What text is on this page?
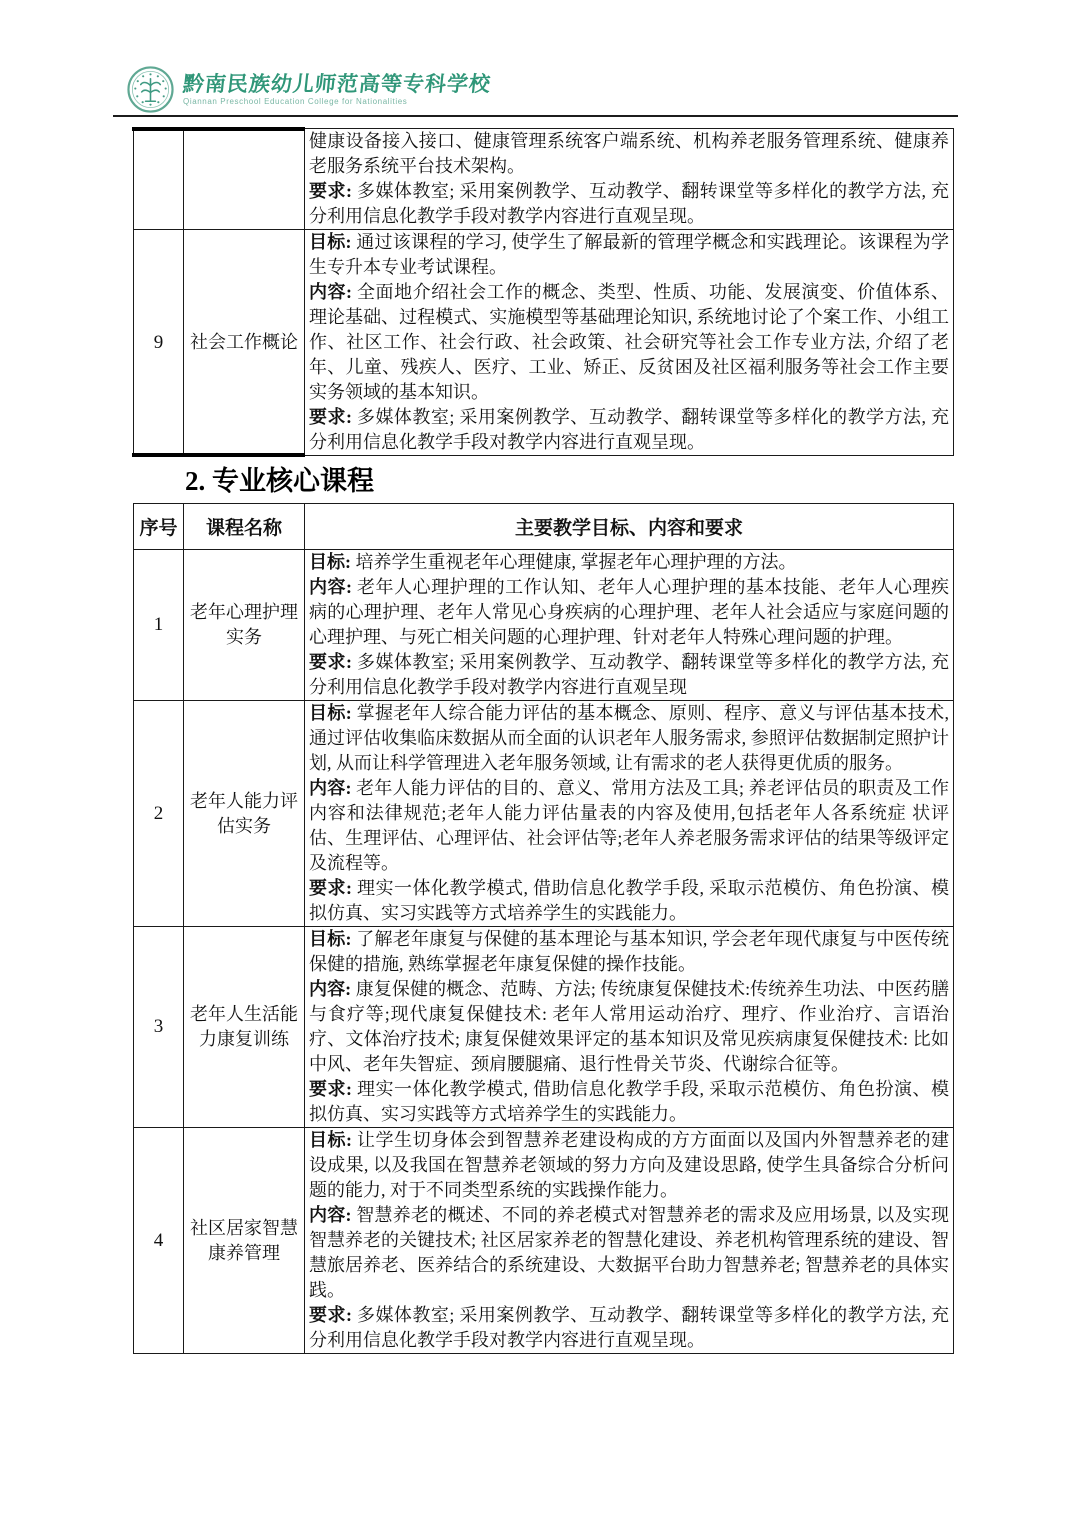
黔南民族幼儿师范高等专科学校
Qiannan Preschool Education College for Nationalities

		健康设备接入接口、健康管理系统客户端系统、机构养老服务管理系统、健康养老服务系统平台技术架构。
要求: 多媒体教室; 采用案例教学、互动教学、翻转课堂等多样化的教学方法, 充分利用信息化教学手段对教学内容进行直观呈现。

9	社会工作概论	目标: 通过该课程的学习, 使学生了解最新的管理学概念和实践理论。该课程为学生专升本专业考试课程。
内容: 全面地介绍社会工作的概念、类型、性质、功能、发展演变、价值体系、理论基础、过程模式、实施模型等基础理论知识, 系统地讨论了个案工作、小组工作、社区工作、社会行政、社会政策、社会研究等社会工作专业方法, 介绍了老年、儿童、残疾人、医疗、工业、矫正、反贫困及社区福利服务等社会工作主要实务领域的基本知识。
要求: 多媒体教室; 采用案例教学、互动教学、翻转课堂等多样化的教学方法, 充分利用信息化教学手段对教学内容进行直观呈现。
2. 专业核心课程
序号	课程名称	主要教学目标、内容和要求
1	老年心理护理实务	目标: 培养学生重视老年心理健康, 掌握老年心理护理的方法。
内容: 老年人心理护理的工作认知、老年人心理护理的基本技能、老年人心理疾病的心理护理、老年人常见心身疾病的心理护理、老年人社会适应与家庭问题的心理护理、与死亡相关问题的心理护理、针对老年人特殊心理问题的护理。
要求: 多媒体教室; 采用案例教学、互动教学、翻转课堂等多样化的教学方法, 充分利用信息化教学手段对教学内容进行直观呈现

2	老年人能力评估实务	目标: 掌握老年人综合能力评估的基本概念、原则、程序、意义与评估基本技术, 通过评估收集临床数据从而全面的认识老年人服务需求, 参照评估数据制定照护计划, 从而让科学管理进入老年服务领域, 让有需求的老人获得更优质的服务。
内容: 老年人能力评估的目的、意义、常用方法及工具; 养老评估员的职责及工作内容和法律规范;老年人能力评估量表的内容及使用,包括老年人各系统症 状评估、生理评估、心理评估、社会评估等;老年人养老服务需求评估的结果等级评定及流程等。
要求: 理实一体化教学模式, 借助信息化教学手段, 采取示范模仿、角色扮演、模拟仿真、实习实践等方式培养学生的实践能力。

3	老年人生活能力康复训练	目标: 了解老年康复与保健的基本理论与基本知识, 学会老年现代康复与中医传统保健的措施, 熟练掌握老年康复保健的操作技能。
内容: 康复保健的概念、范畴、方法; 传统康复保健技术:传统养生功法、中医药膳与食疗等;现代康复保健技术: 老年人常用运动治疗、理疗、作业治疗、言语治疗、文体治疗技术; 康复保健效果评定的基本知识及常见疾病康复保健技术: 比如中风、老年失智症、颈肩腰腿痛、退行性骨关节炎、代谢综合征等。
要求: 理实一体化教学模式, 借助信息化教学手段, 采取示范模仿、角色扮演、模拟仿真、实习实践等方式培养学生的实践能力。

4	社区居家智慧康养管理	目标: 让学生切身体会到智慧养老建设构成的方方面面以及国内外智慧养老的建设成果, 以及我国在智慧养老领域的努力方向及建设思路, 使学生具备综合分析问题的能力, 对于不同类型系统的实践操作能力。
内容: 智慧养老的概述、不同的养老模式对智慧养老的需求及应用场景, 以及实现智慧养老的关键技术; 社区居家养老的智慧化建设、养老机构管理系统的建设、智慧旅居养老、医养结合的系统建设、大数据平台助力智慧养老; 智慧养老的具体实践。
要求: 多媒体教室; 采用案例教学、互动教学、翻转课堂等多样化的教学方法, 充分利用信息化教学手段对教学内容进行直观呈现。
